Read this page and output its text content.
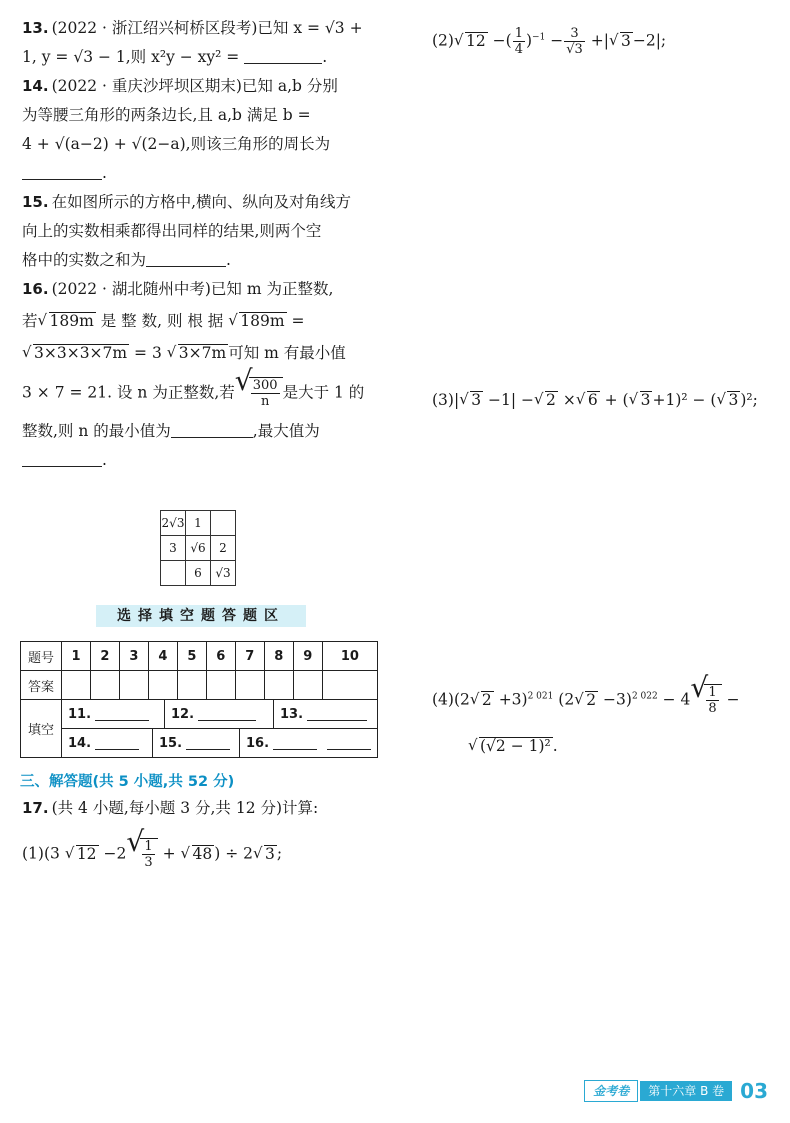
13. (2022 · 浙江绍兴柯桥区段考)已知 x = √3 +
1, y = √3 − 1,则 x²y − xy² =	.
14. (2022 · 重庆沙坪坝区期末)已知 a,b 分别
为等腰三角形的两条边长,且 a,b 满足 b =
4 + √(a−2) + √(2−a),则该三角形的周长为
.
15. 在如图所示的方格中,横向、纵向及对角线方
向上的实数相乘都得出同样的结果,则两个空
格中的实数之和为	.
16. (2022 · 湖北随州中考)已知 m 为正整数,
若 √ 189m 是 整 数, 则 根 据 √ 189m =
√ 3×3×3×7m = 3 √ 3×7m 可知 m 有最小值
3 × 7 = 21. 设 n 为正整数,若 √ $\frac{300}{n}$ 是大于 1 的
整数,则 n 的最小值为	,最大值为
.
2√3	1	
3	√6	2
	6	√3
选择填空题答题区
题号	1	2	3	4	5	6	7	8	9	10
答案										
填空	11. 12. 13.									

	14. 15. 16.									
三、解答题(共 5 小题,共 52 分)
17. (共 4 小题,每小题 3 分,共 12 分)计算:
(1)(3 √ 12 −2 √ $\frac{1}{3}$ + √ 48 ) ÷ 2 √ 3 ;
(2) √ 12 −( $\frac{1}{4} )^{-1} - \frac{3}{√3}$ +| √ 3 −2|;
(3)| √ 3 −1| − √ 2 × √ 6 + ( √ 3 +1)² − ( √ 3 )²;
(4)(2 √ 2 +3)$^{2 021}$ (2 √ 2 −3)$^{2 022}$ − 4 √ $\frac{1}{8}$ −
√ (√2 − 1)² .
金考卷	第十六章 B 卷 03
